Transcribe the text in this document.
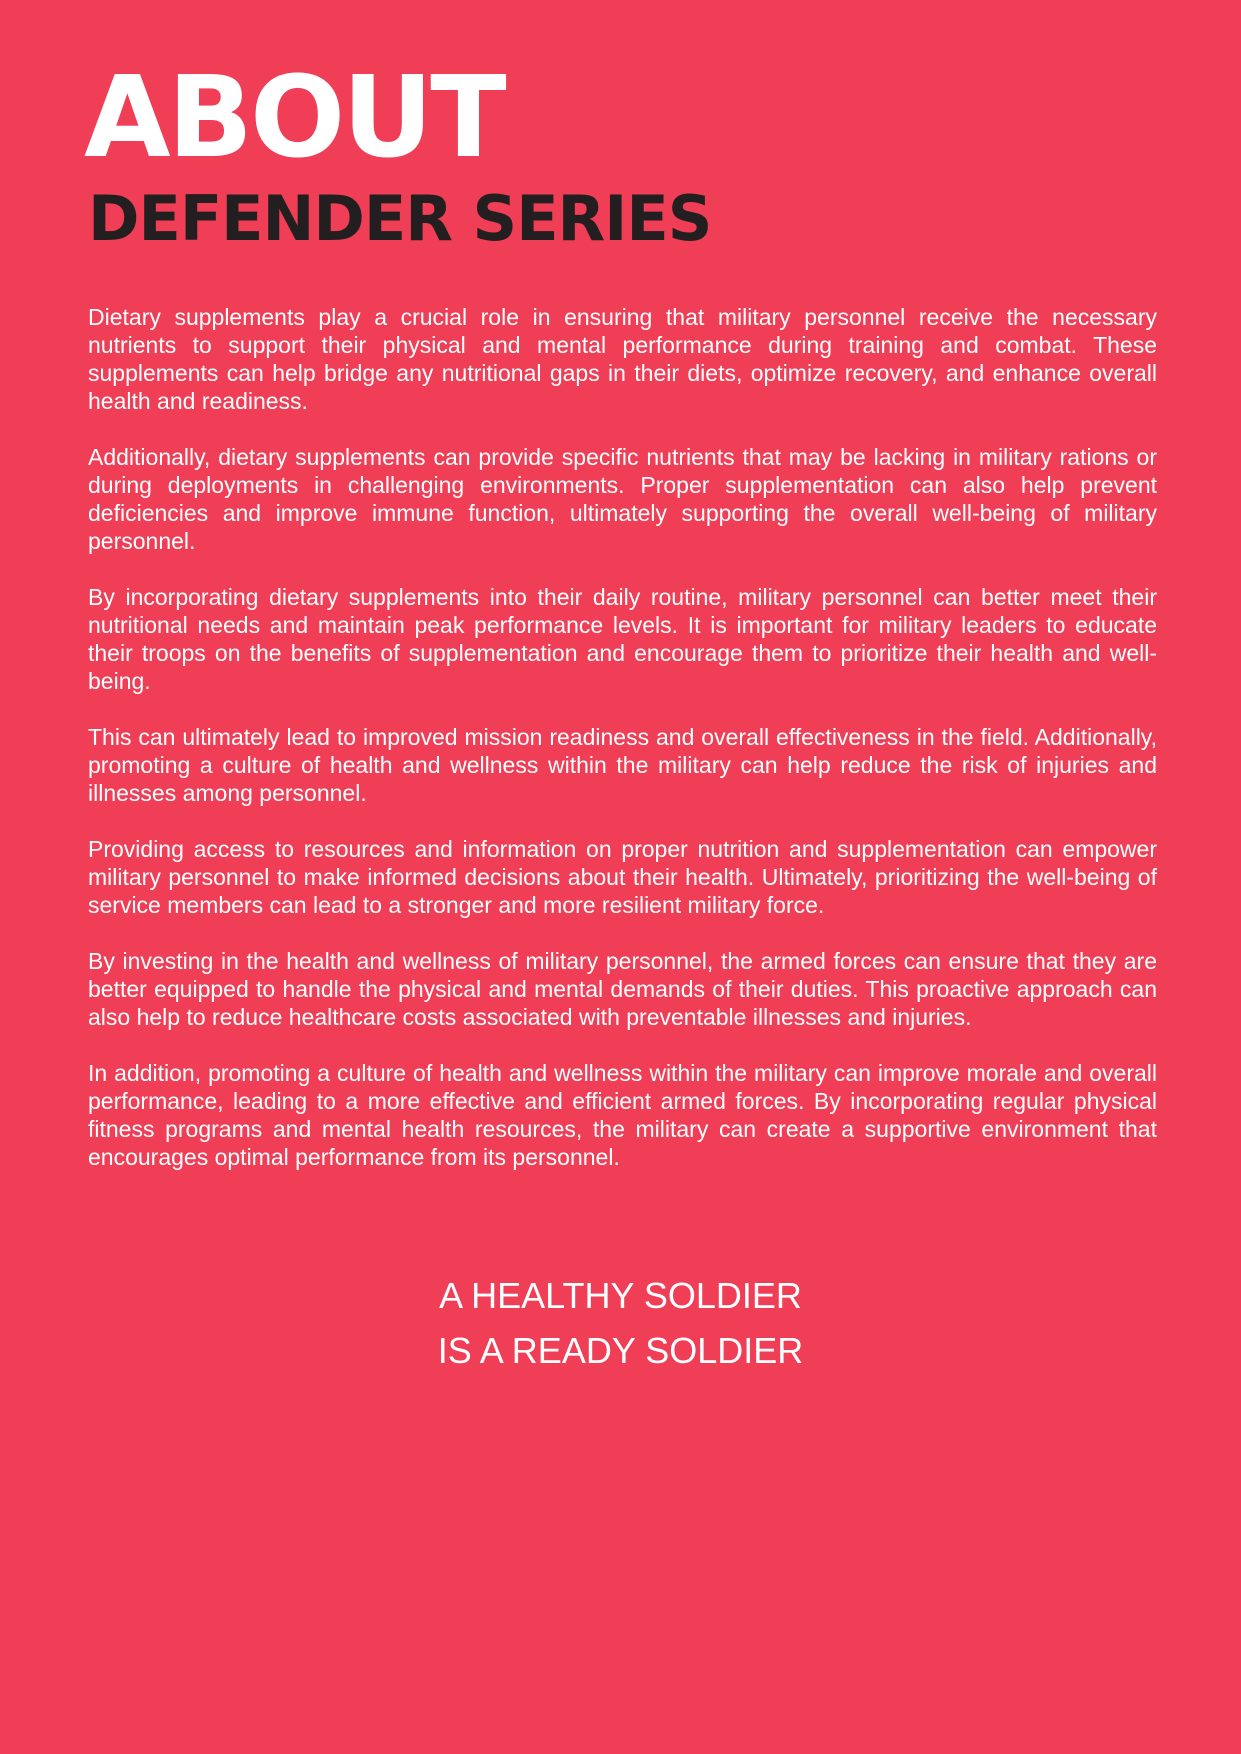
ABOUT
DEFENDER SERIES

Dietary supplements play a crucial role in ensuring that military personnel receive the necessary nutrients to support their physical and mental performance during training and combat. These supplements can help bridge any nutritional gaps in their diets, optimize recovery, and enhance overall health and readiness.

Additionally, dietary supplements can provide specific nutrients that may be lacking in military rations or during deployments in challenging environments. Proper supplementation can also help prevent deficiencies and improve immune function, ultimately supporting the overall well-being of military personnel.

By incorporating dietary supplements into their daily routine, military personnel can better meet their nutritional needs and maintain peak performance levels. It is important for military leaders to educate their troops on the benefits of supplementation and encourage them to prioritize their health and well-being.

This can ultimately lead to improved mission readiness and overall effectiveness in the field. Additionally, promoting a culture of health and wellness within the military can help reduce the risk of injuries and illnesses among personnel.

Providing access to resources and information on proper nutrition and supplementation can empower military personnel to make informed decisions about their health. Ultimately, prioritizing the well-being of service members can lead to a stronger and more resilient military force.

By investing in the health and wellness of military personnel, the armed forces can ensure that they are better equipped to handle the physical and mental demands of their duties. This proactive approach can also help to reduce healthcare costs associated with preventable illnesses and injuries.

In addition, promoting a culture of health and wellness within the military can improve morale and overall performance, leading to a more effective and efficient armed forces. By incorporating regular physical fitness programs and mental health resources, the military can create a supportive environment that encourages optimal performance from its personnel.

A HEALTHY SOLDIER
IS A READY SOLDIER
